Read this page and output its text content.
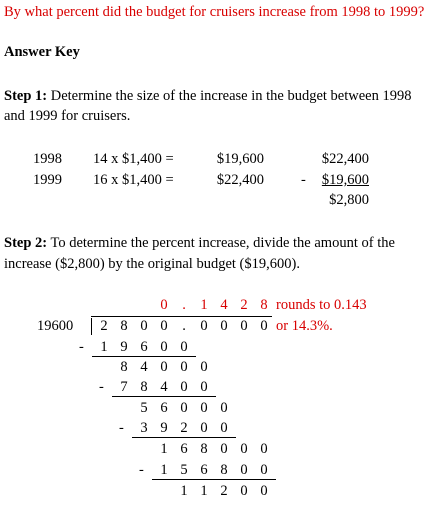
By what percent did the budget for cruisers increase from 1998 to 1999?
Answer Key
Step 1: Determine the size of the increase in the budget between 1998
and 1999 for cruisers.
1998 14 x $1,400 =	$19,600
1999 16 x $1,400 =	$22,400
$22,400
-	$19,600
$2,800
Step 2: To determine the percent increase, divide the amount of the
increase ($2,800) by the original budget ($19,600).
19600
rounds to 0.143
or 14.3%.
0	.	1 4 2 8
2 8 0 0	.	0 0 0 0
-	1 9 6 0 0
8 4 0 0 0
-	7 8 4 0 0
5 6 0 0 0
-	3 9 2 0 0
1 6 8 0 0 0
-	1 5 6 8 0 0
1 1 2 0 0
